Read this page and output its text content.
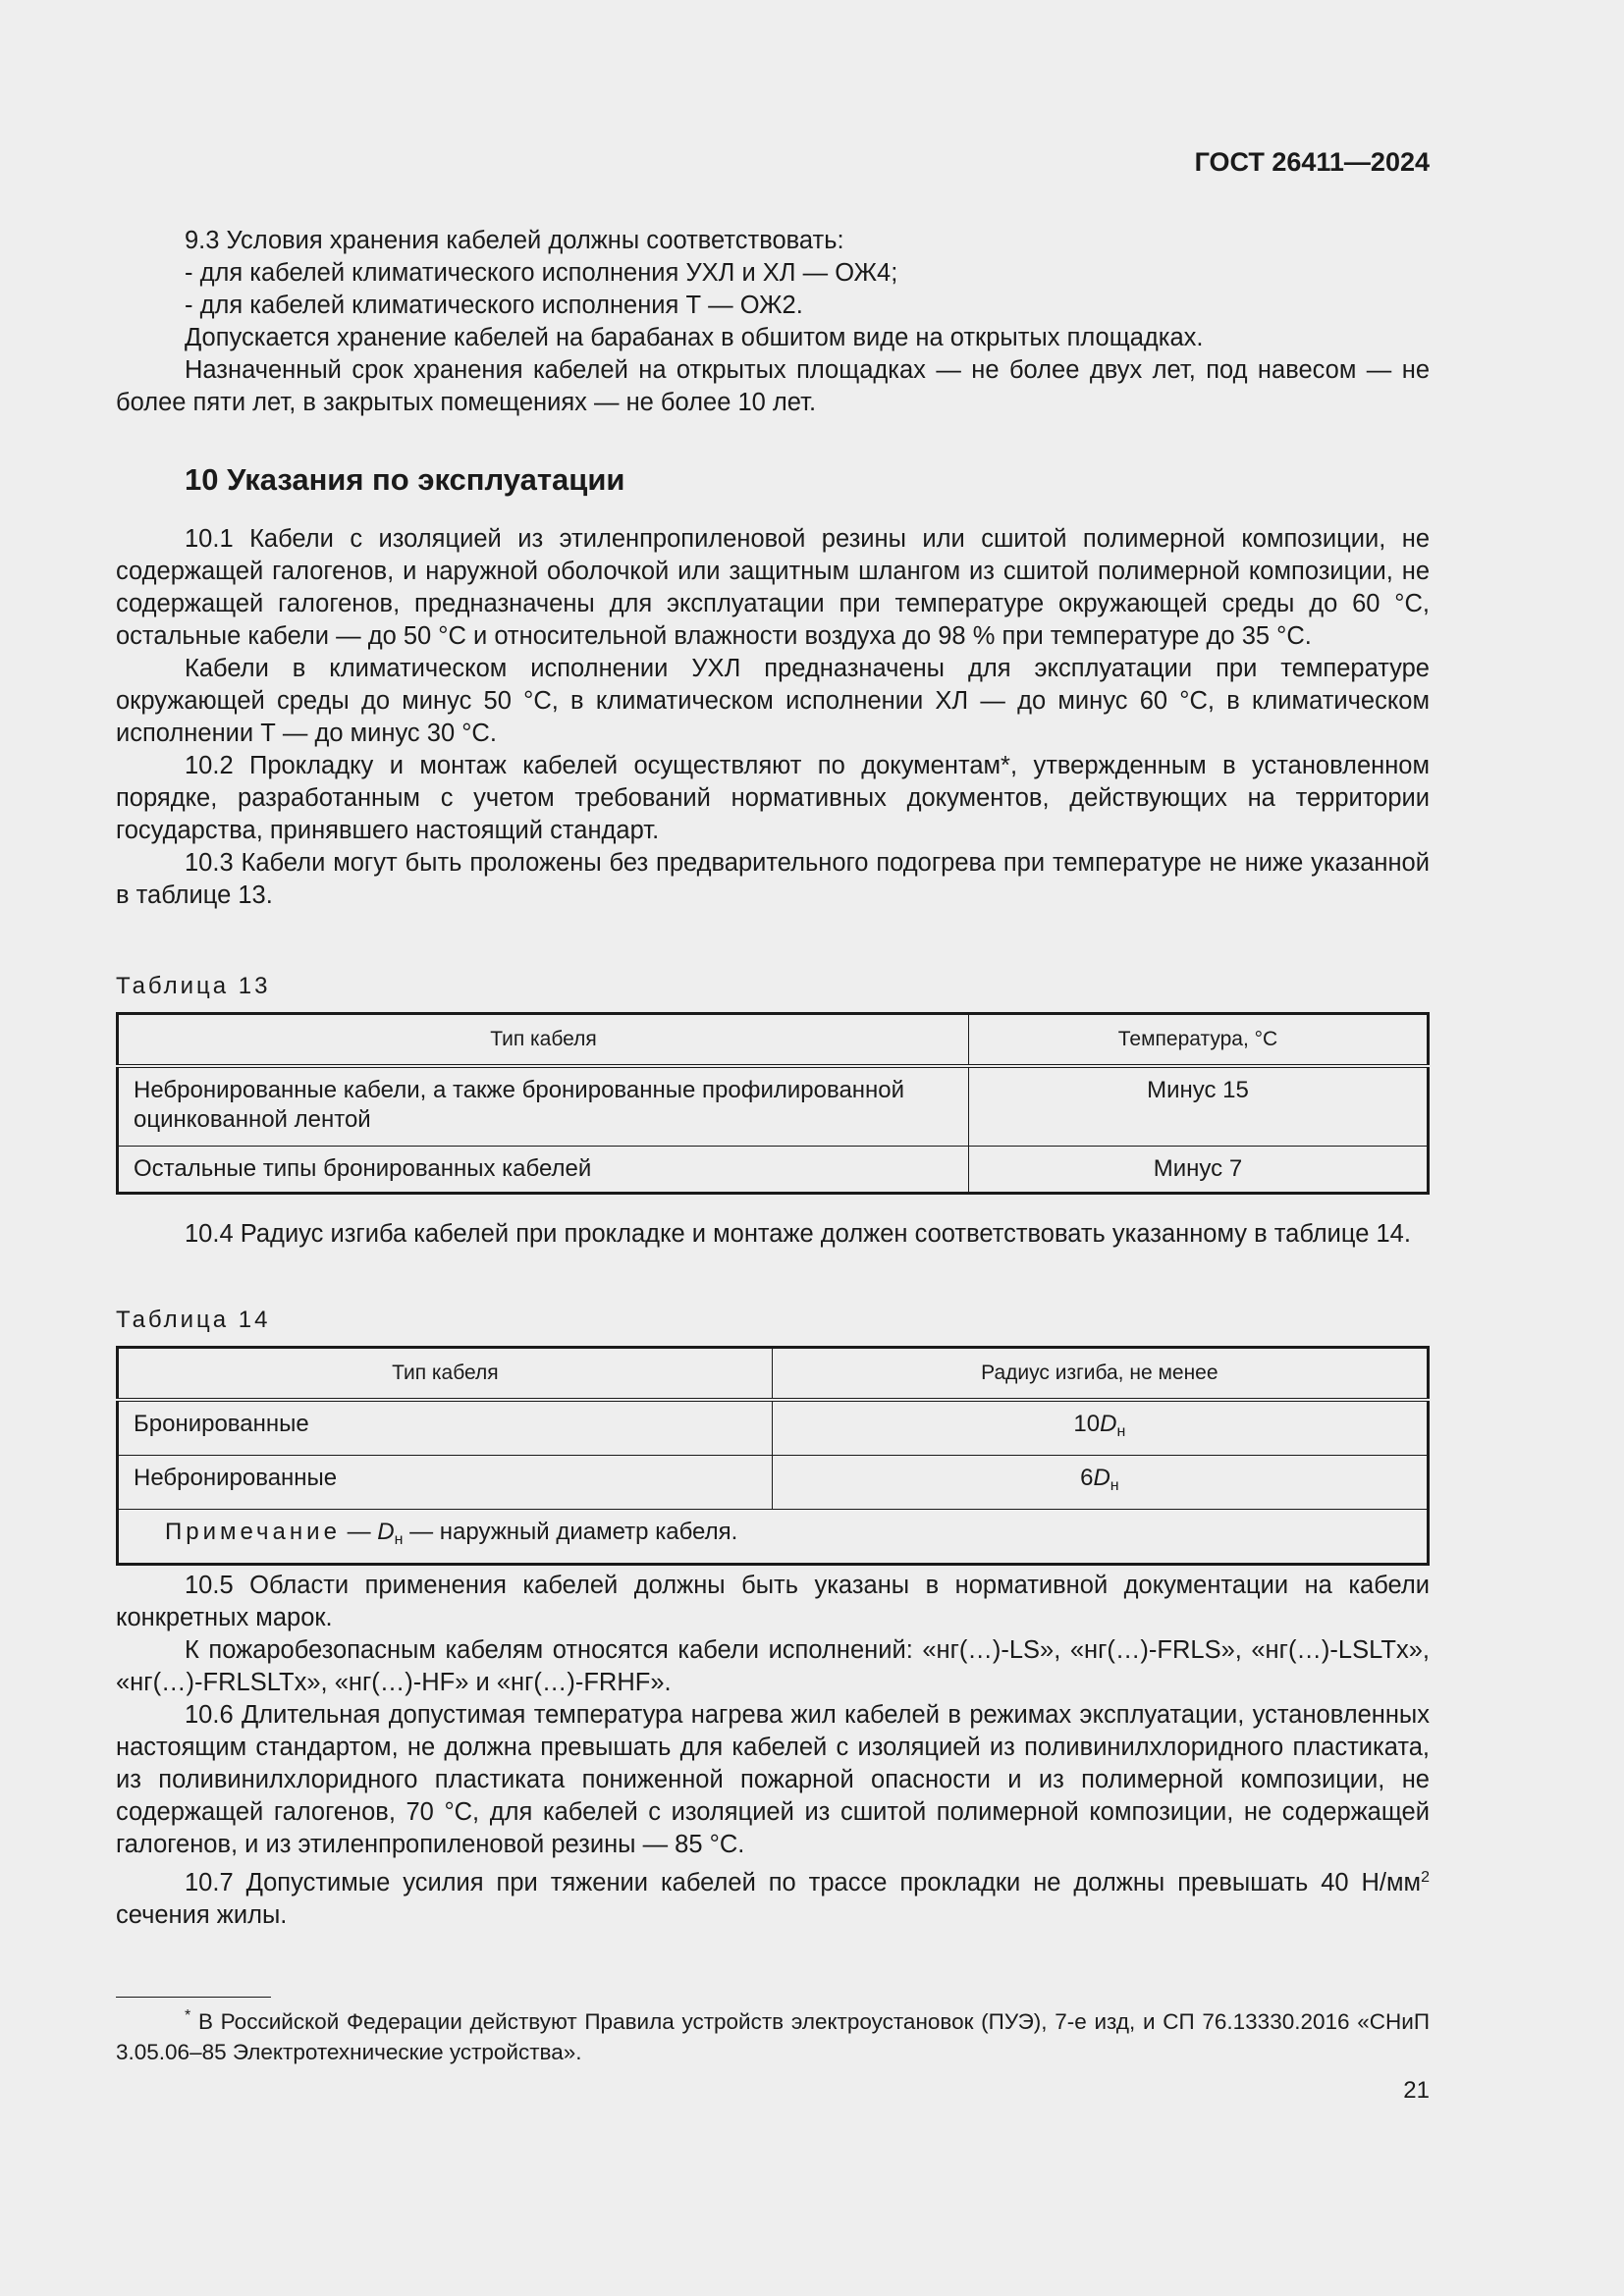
ГОСТ 26411—2024

9.3 Условия хранения кабелей должны соответствовать:

- для кабелей климатического исполнения УХЛ и ХЛ — ОЖ4;

- для кабелей климатического исполнения Т — ОЖ2.

Допускается хранение кабелей на барабанах в обшитом виде на открытых площадках.

Назначенный срок хранения кабелей на открытых площадках — не более двух лет, под навесом — не более пяти лет, в закрытых помещениях — не более 10 лет.

10 Указания по эксплуатации

10.1 Кабели с изоляцией из этиленпропиленовой резины или сшитой полимерной композиции, не содержащей галогенов, и наружной оболочкой или защитным шлангом из сшитой полимерной композиции, не содержащей галогенов, предназначены для эксплуатации при температуре окружающей среды до 60 °C, остальные кабели — до 50 °C и относительной влажности воздуха до 98 % при температуре до 35 °C.

Кабели в климатическом исполнении УХЛ предназначены для эксплуатации при температуре окружающей среды до минус 50 °C, в климатическом исполнении ХЛ — до минус 60 °C, в климатическом исполнении Т — до минус 30 °C.

10.2 Прокладку и монтаж кабелей осуществляют по документам*, утвержденным в установленном порядке, разработанным с учетом требований нормативных документов, действующих на территории государства, принявшего настоящий стандарт.

10.3 Кабели могут быть проложены без предварительного подогрева при температуре не ниже указанной в таблице 13.

Таблица 13

Тип кабеля	Температура, °С
Небронированные кабели, а также бронированные профилированной оцинкованной лентой	Минус 15
Остальные типы бронированных кабелей	Минус 7

10.4 Радиус изгиба кабелей при прокладке и монтаже должен соответствовать указанному в таблице 14.

Таблица 14

Тип кабеля	Радиус изгиба, не менее
Бронированные	$10D_н$
Небронированные	$6D_н$
Примечание — $D_н$ — наружный диаметр кабеля.	

10.5 Области применения кабелей должны быть указаны в нормативной документации на кабели конкретных марок.

К пожаробезопасным кабелям относятся кабели исполнений: «нг(…)-LS», «нг(…)-FRLS», «нг(…)-LSLTx», «нг(…)-FRLSLTx», «нг(…)-HF» и «нг(…)-FRHF».

10.6 Длительная допустимая температура нагрева жил кабелей в режимах эксплуатации, установленных настоящим стандартом, не должна превышать для кабелей с изоляцией из поливинилхлоридного пластиката, из поливинилхлоридного пластиката пониженной пожарной опасности и из полимерной композиции, не содержащей галогенов, 70 °C, для кабелей с изоляцией из сшитой полимерной композиции, не содержащей галогенов, и из этиленпропиленовой резины — 85 °C.

10.7 Допустимые усилия при тяжении кабелей по трассе прокладки не должны превышать 40 $Н/мм^2$ сечения жилы.

* В Российской Федерации действуют Правила устройств электроустановок (ПУЭ), 7-е изд, и СП 76.13330.2016 «СНиП 3.05.06–85 Электротехнические устройства».

21
